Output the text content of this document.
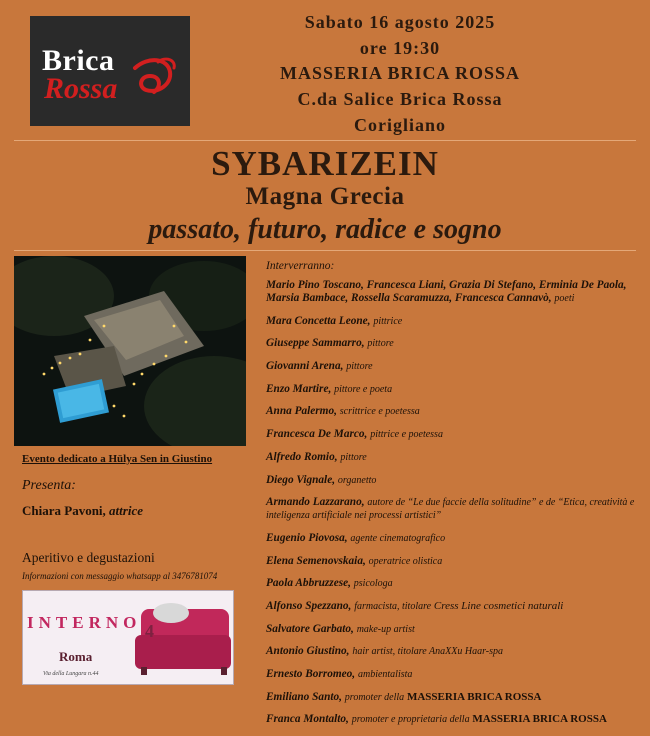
Brica
Rossa
Sabato 16 agosto 2025
ore 19:30
MASSERIA BRICA ROSSA
C.da Salice Brica Rossa
Corigliano
SYBARIZEIN
Magna Grecia
passato, futuro, radice e sogno
Evento dedicato a Hülya Sen in Giustino
Presenta:
Chiara Pavoni, attrice
Aperitivo e degustazioni
Informazioni con messaggio whatsapp al 3476781074
INTERNO 4
Roma
Via della Lungara n.44
Interverranno:
Mario Pino Toscano, Francesca Liani, Grazia Di Stefano, Erminia De Paola, Marsia Bambace, Rossella Scaramuzza, Francesca Cannavò, poeti
Mara Concetta Leone, pittrice
Giuseppe Sammarro, pittore
Giovanni Arena, pittore
Enzo Martire, pittore e poeta
Anna Palermo, scrittrice e poetessa
Francesca De Marco, pittrice e poetessa
Alfredo Romio, pittore
Diego Vignale, organetto
Armando Lazzarano, autore de “Le due faccie della solitudine” e de “Etica, creatività e inteligenza artificiale nei processi artistici”
Eugenio Piovosa, agente cinematografico
Elena Semenovskaia, operatrice olistica
Paola Abbruzzese, psicologa
Alfonso Spezzano, farmacista, titolare Cress Line cosmetici naturali
Salvatore Garbato, make-up artist
Antonio Giustino, hair artist, titolare AnaXXu Haar-spa
Ernesto Borromeo, ambientalista
Emiliano Santo, promoter della MASSERIA BRICA ROSSA
Franca Montalto, promoter e proprietaria della MASSERIA BRICA ROSSA
